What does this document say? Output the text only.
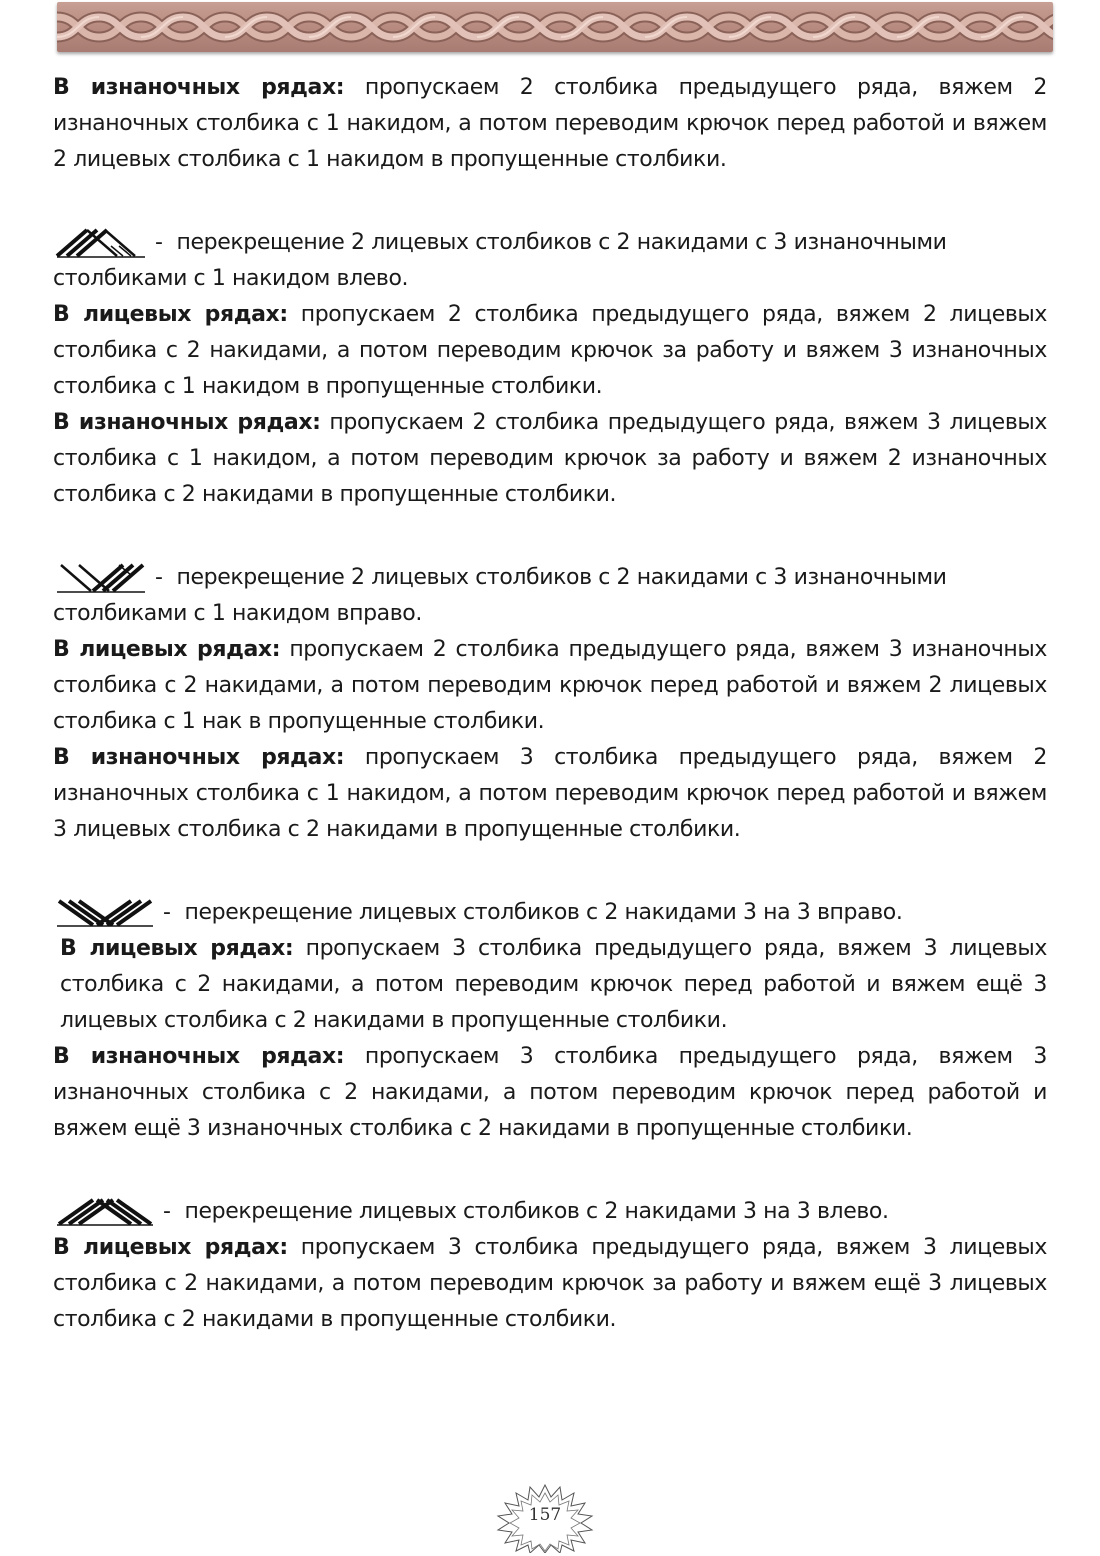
В изнаночных рядах: пропускаем 2 столбика предыдущего ряда, вяжем 2 изнаночных столбика с 1 накидом, а потом переводим крючок перед работой и вяжем 2 лицевых столбика с 1 накидом в пропущенные столбики.

- перекрещение 2 лицевых столбиков с 2 накидами с 3 изнаночными

столбиками с 1 накидом влево.

В лицевых рядах: пропускаем 2 столбика предыдущего ряда, вяжем 2 лицевых столбика с 2 накидами, а потом переводим крючок за работу и вяжем 3 изнаночных столбика с 1 накидом в пропущенные столбики.

В изнаночных рядах: пропускаем 2 столбика предыдущего ряда, вяжем 3 лицевых столбика с 1 накидом, а потом переводим крючок за работу и вяжем 2 изнаночных столбика с 2 накидами в пропущенные столбики.

- перекрещение 2 лицевых столбиков с 2 накидами с 3 изнаночными

столбиками с 1 накидом вправо.

В лицевых рядах: пропускаем 2 столбика предыдущего ряда, вяжем 3 изнаночных столбика с 2 накидами, а потом переводим крючок перед работой и вяжем 2 лицевых столбика с 1 нак в пропущенные столбики.

В изнаночных рядах: пропускаем 3 столбика предыдущего ряда, вяжем 2 изнаночных столбика с 1 накидом, а потом переводим крючок перед работой и вяжем 3 лицевых столбика с 2 накидами в пропущенные столбики.

- перекрещение лицевых столбиков с 2 накидами 3 на 3 вправо.

В лицевых рядах: пропускаем 3 столбика предыдущего ряда, вяжем 3 лицевых столбика с 2 накидами, а потом переводим крючок перед работой и вяжем ещё 3 лицевых столбика с 2 накидами в пропущенные столбики.

В изнаночных рядах: пропускаем 3 столбика предыдущего ряда, вяжем 3 изнаночных столбика с 2 накидами, а потом переводим крючок перед работой и вяжем ещё 3 изнаночных столбика с 2 накидами в пропущенные столбики.

- перекрещение лицевых столбиков с 2 накидами 3 на 3 влево.

В лицевых рядах: пропускаем 3 столбика предыдущего ряда, вяжем 3 лицевых столбика с 2 накидами, а потом переводим крючок за работу и вяжем ещё 3 лицевых столбика с 2 накидами в пропущенные столбики.

157
